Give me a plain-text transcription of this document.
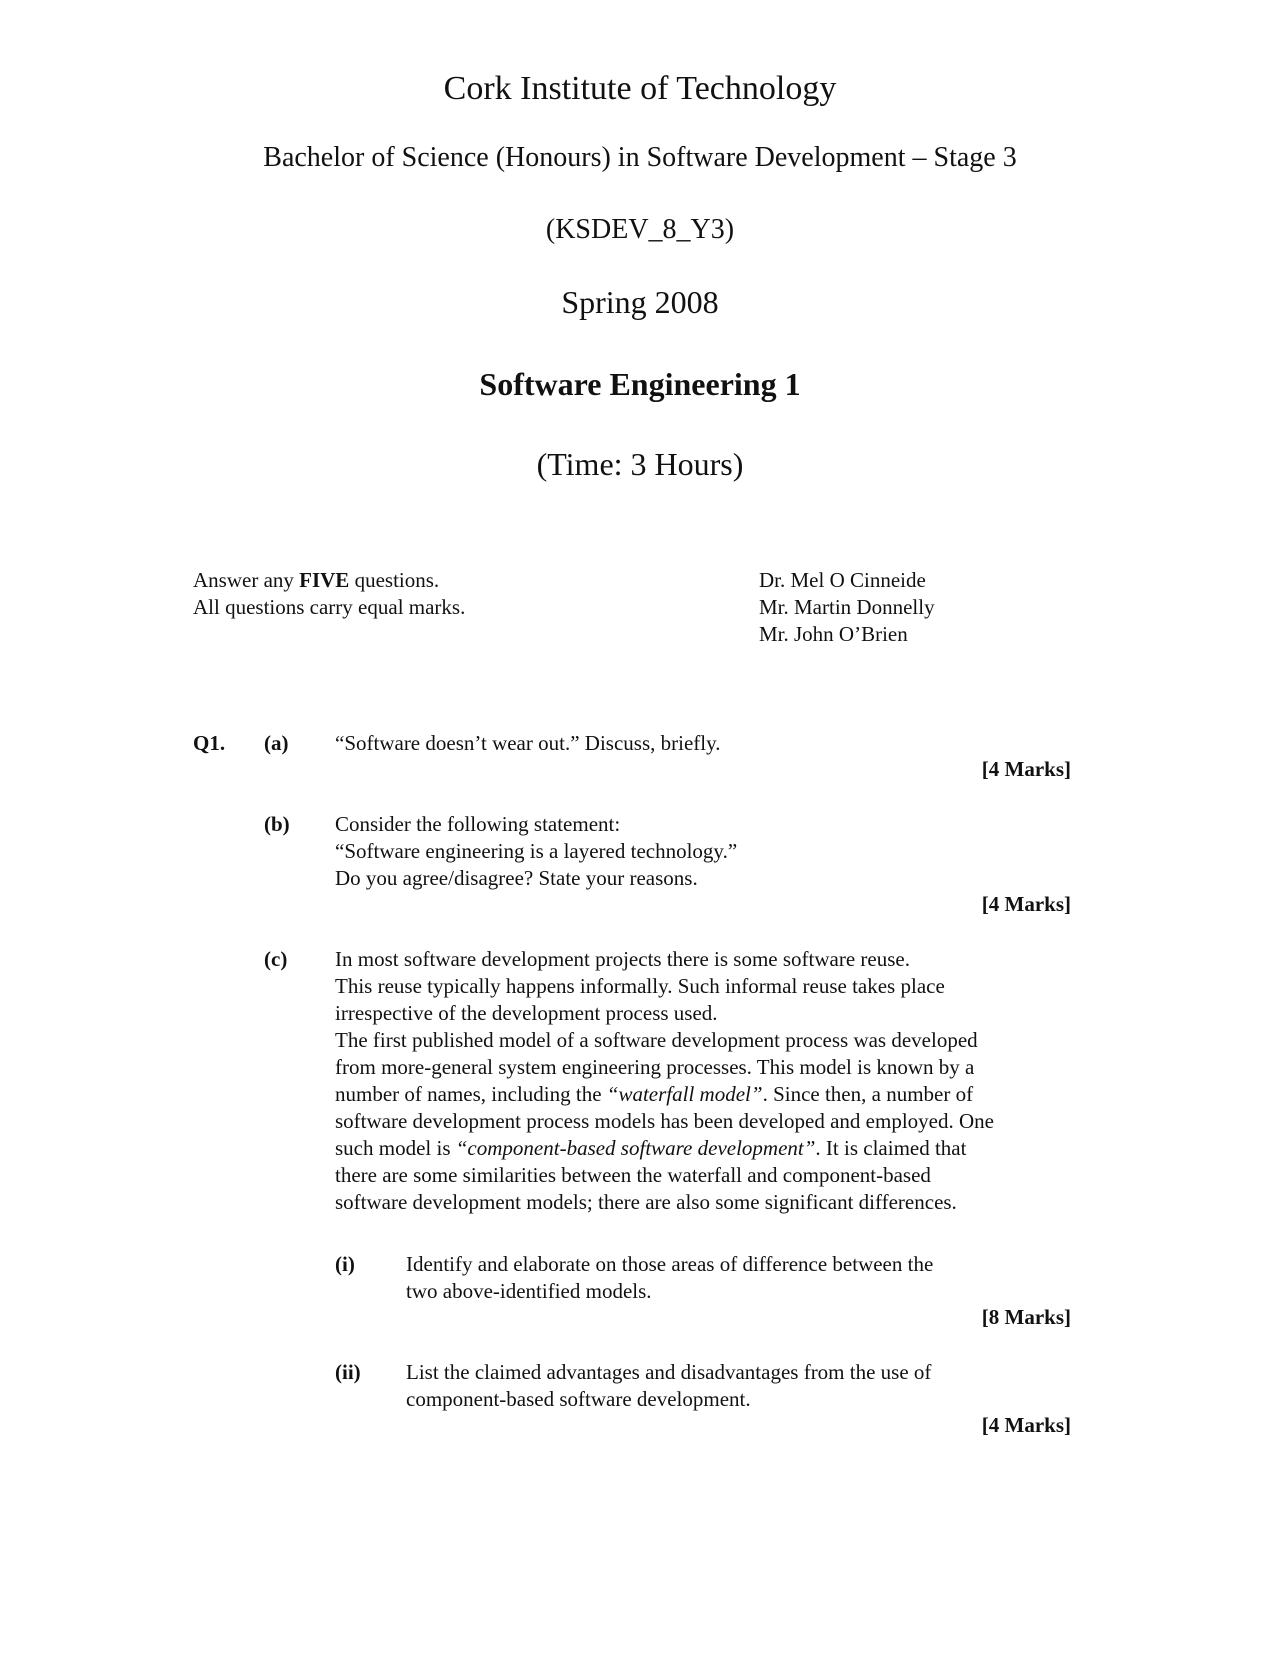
Cork Institute of Technology
Bachelor of Science (Honours) in Software Development – Stage 3
(KSDEV_8_Y3)
Spring 2008
Software Engineering 1
(Time: 3 Hours)
Answer any FIVE questions.
All questions carry equal marks.
Dr. Mel O Cinneide
Mr. Martin Donnelly
Mr. John O’Brien
Q1. (a) “Software doesn’t wear out.” Discuss, briefly.
[4 Marks]
(b) Consider the following statement:
“Software engineering is a layered technology.”
Do you agree/disagree? State your reasons.
[4 Marks]
(c) In most software development projects there is some software reuse.
This reuse typically happens informally. Such informal reuse takes place
irrespective of the development process used.
The first published model of a software development process was developed
from more-general system engineering processes. This model is known by a
number of names, including the “waterfall model”. Since then, a number of
software development process models has been developed and employed. One
such model is “component-based software development”. It is claimed that
there are some similarities between the waterfall and component-based
software development models; there are also some significant differences.
(i) Identify and elaborate on those areas of difference between the
two above-identified models.
[8 Marks]
(ii) List the claimed advantages and disadvantages from the use of
component-based software development.
[4 Marks]
